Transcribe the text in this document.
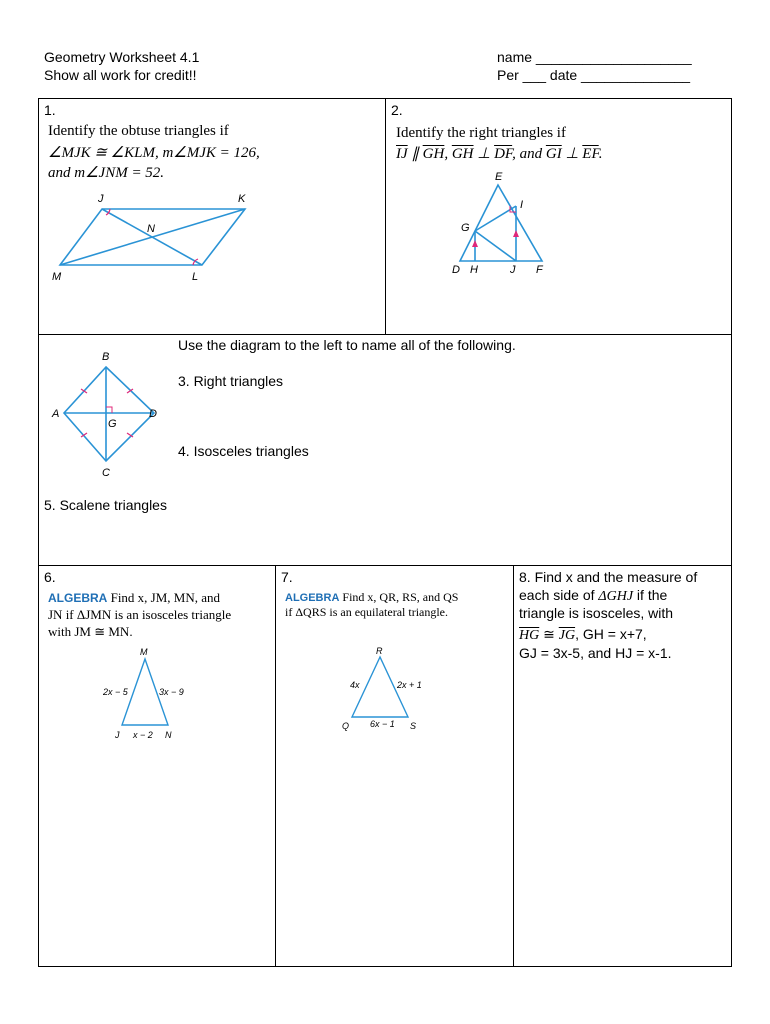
Geometry Worksheet 4.1
Show all work for credit!!
name ____________________
Per ___ date ______________
1.
Identify the obtuse triangles if
∠MJK ≅ ∠KLM, m∠MJK = 126,
and m∠JNM = 52.
J	K
N
M	L
2.
Identify the right triangles if
$\overline{IJ}$ ∥ $\overline{GH}$, $\overline{GH}$ ⊥ $\overline{DF}$, and $\overline{GI}$ ⊥ $\overline{EF}$.
E
I
G
D H	J F
B
A	D
G
C
Use the diagram to the left to name all of the following.
3. Right triangles
4. Isosceles triangles
5. Scalene triangles
6.
ALGEBRA Find x, JM, MN, and
JN if ΔJMN is an isosceles triangle
with JM ≅ MN.
M
2x − 5	3x − 9
J x − 2 N
7.
ALGEBRA Find x, QR, RS, and QS
if ΔQRS is an equilateral triangle.
R
4x	2x + 1
Q 6x − 1 S
8. Find x and the measure of
each side of ΔGHJ if the
triangle is isosceles, with
$\overline{HG}$ ≅ $\overline{JG}$, GH = x+7,
GJ = 3x-5, and HJ = x-1.
